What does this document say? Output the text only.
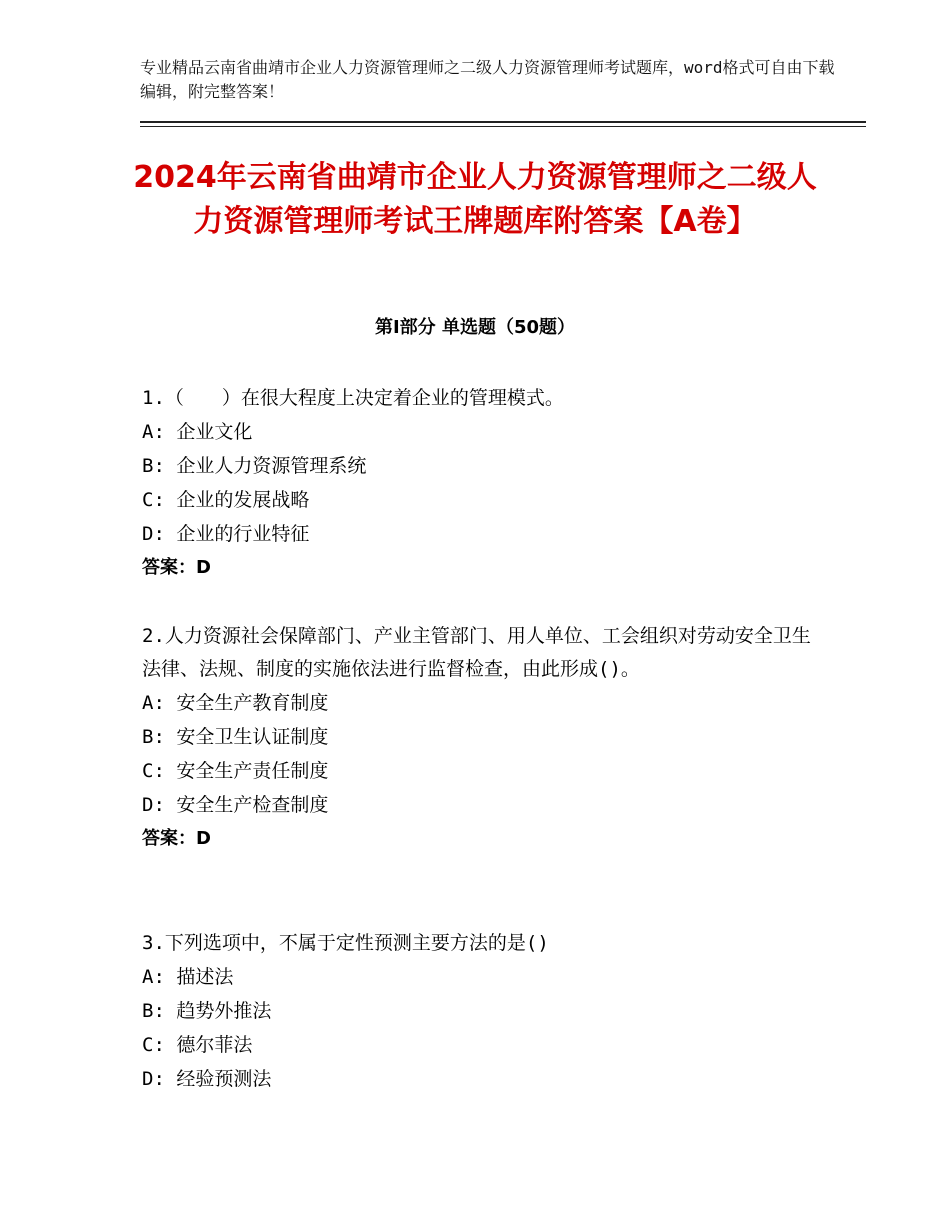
专业精品云南省曲靖市企业人力资源管理师之二级人力资源管理师考试题库，word格式可自由下载编辑，附完整答案！
2024年云南省曲靖市企业人力资源管理师之二级人力资源管理师考试王牌题库附答案【A卷】
第Ⅰ部分 单选题（50题）
1.（　　）在很大程度上决定着企业的管理模式。
A: 企业文化
B: 企业人力资源管理系统
C: 企业的发展战略
D: 企业的行业特征
答案：D
2.人力资源社会保障部门、产业主管部门、用人单位、工会组织对劳动安全卫生法律、法规、制度的实施依法进行监督检查，由此形成()。
A: 安全生产教育制度
B: 安全卫生认证制度
C: 安全生产责任制度
D: 安全生产检查制度
答案：D
3.下列选项中，不属于定性预测主要方法的是()
A: 描述法
B: 趋势外推法
C: 德尔菲法
D: 经验预测法
